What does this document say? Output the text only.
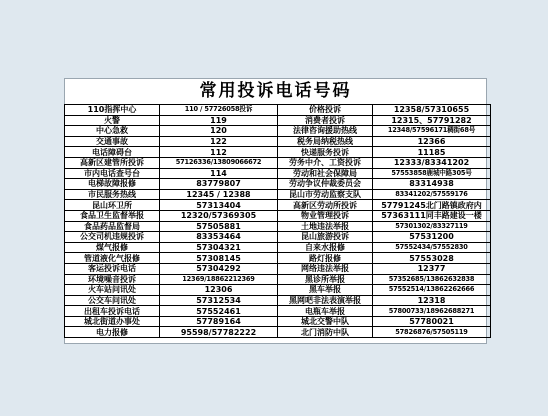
常用投诉电话号码
110指挥中心	110 / 57726058投诉	价格投诉	12358/57310655
火警	119	消费者投诉	12315、57791282
中心急救	120	法律咨询援助热线	12348/57596171稠街68号
交通事故	122	税务局纳税热线	12366
电话障碍台	112	快递服务投诉	11185
高新区建管所投诉	57126336/13809066672	劳务中介、工资投诉	12333/83341202
市内电话查号台	114	劳动和社会保障局	57553858鹿城中路305号
电梯故障报修	83779807	劳动争议仲裁委员会	83314938
市民服务热线	12345 / 12388	昆山市劳动监察支队	83341202/57559176
昆山环卫所	57313404	高新区劳动所投诉	57791245北门路镇政府内
食品卫生监督举报	12320/57369305	物业管理投诉	57363111同丰路建设一楼
食品药品监督局	57505881	土地违法举报	57301302/83327119
公交司机违规投诉	83353464	昆山旅游投诉	57531200
煤气报修	57304321	自来水报修	57552434/57552830
管道液化气报修	57308145	路灯报修	57553028
客运投诉电话	57304292	网络违法举报	12377
环境噪音投诉	12369/18862212369	黑诊所举报	57352685/13862632838
火车站问讯处	12306	黑车举报	57552514/13862262666
公交车问讯处	57312534	黑网吧非法表演举报	12318
出租车投诉电话	57552461	电瓶车举报	57800733/18962688271
城北街道办事处	57789164	城北交警中队	57780021
电力报修	95598/57782222	北门消防中队	57826876/57505119
